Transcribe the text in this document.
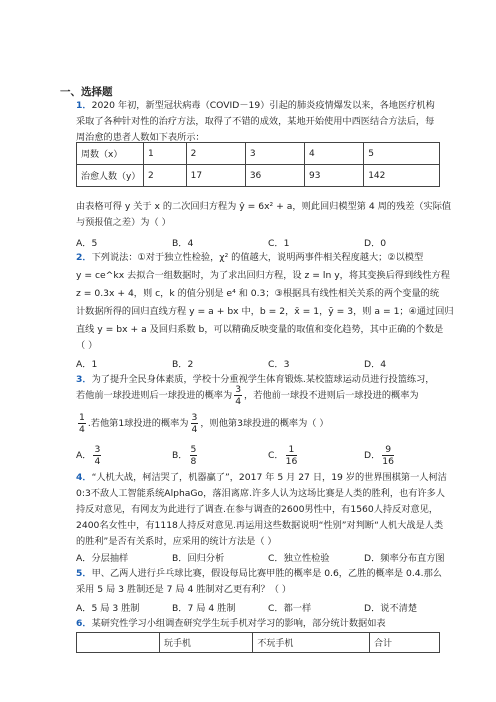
一、选择题
1．2020 年初，新型冠状病毒（COVID－19）引起的肺炎疫情爆发以来，各地医疗机构
采取了各种针对性的治疗方法，取得了不错的成效，某地开始使用中西医结合方法后，每
周治愈的患者人数如下表所示：
周数（x）	1	2	3	4	5
治愈人数（y）	2	17	36	93	142
由表格可得 y 关于 x 的二次回归方程为 ŷ = 6x² + a，则此回归模型第 4 周的残差（实际值
与预报值之差）为（ ）
A．5	B．4	C．1	D．0
2．下列说法：①对于独立性检验，χ² 的值越大，说明两事件相关程度越大；②以模型
y = ce^kx 去拟合一组数据时，为了求出回归方程，设 z = ln y，将其变换后得到线性方程
z = 0.3x + 4，则 c，k 的值分别是 e⁴ 和 0.3；③根据具有线性相关关系的两个变量的统
计数据所得的回归直线方程 y = a + bx 中，b = 2，x̄ = 1，ȳ = 3，则 a = 1；④通过回归
直线 y = bx + a 及回归系数 b，可以精确反映变量的取值和变化趋势，其中正确的个数是
（ ）
A．1	B．2	C．3	D．4
3．为了提升全民身体素质，学校十分重视学生体育锻炼.某校篮球运动员进行投篮练习，
若他前一球投进则后一球投进的概率为 $\frac{3}{4}$ ，若他前一球投不进则后一球投进的概率为
$\frac{1}{4}$ .若他第1球投进的概率为 $\frac{3}{4}$ ，则他第3球投进的概率为（ ）
A． $\frac{3}{4}$	B． $\frac{5}{8}$	C． $\frac{1}{16}$	D． $\frac{9}{16}$
4．“人机大战，柯洁哭了，机器赢了”，2017 年 5 月 27 日，19 岁的世界围棋第一人柯洁
0:3不敌人工智能系统AlphaGo，落泪离席.许多人认为这场比赛是人类的胜利，也有许多人
持反对意见，有网友为此进行了调查.在参与调查的2600男性中，有1560人持反对意见，
2400名女性中，有1118人持反对意见.再运用这些数据说明“性别”对判断“人机大战是人类
的胜利”是否有关系时，应采用的统计方法是（ ）
A．分层抽样	B．回归分析	C．独立性检验	D．频率分布直方图
5．甲、乙两人进行乒乓球比赛，假设每局比赛甲胜的概率是 0.6，乙胜的概率是 0.4.那么
采用 5 局 3 胜制还是 7 局 4 胜制对乙更有利？（ ）
A．5 局 3 胜制	B．7 局 4 胜制	C．都一样	D．说不清楚
6．某研究性学习小组调查研究学生玩手机对学习的影响，部分统计数据如表
	玩手机	不玩手机	合计
